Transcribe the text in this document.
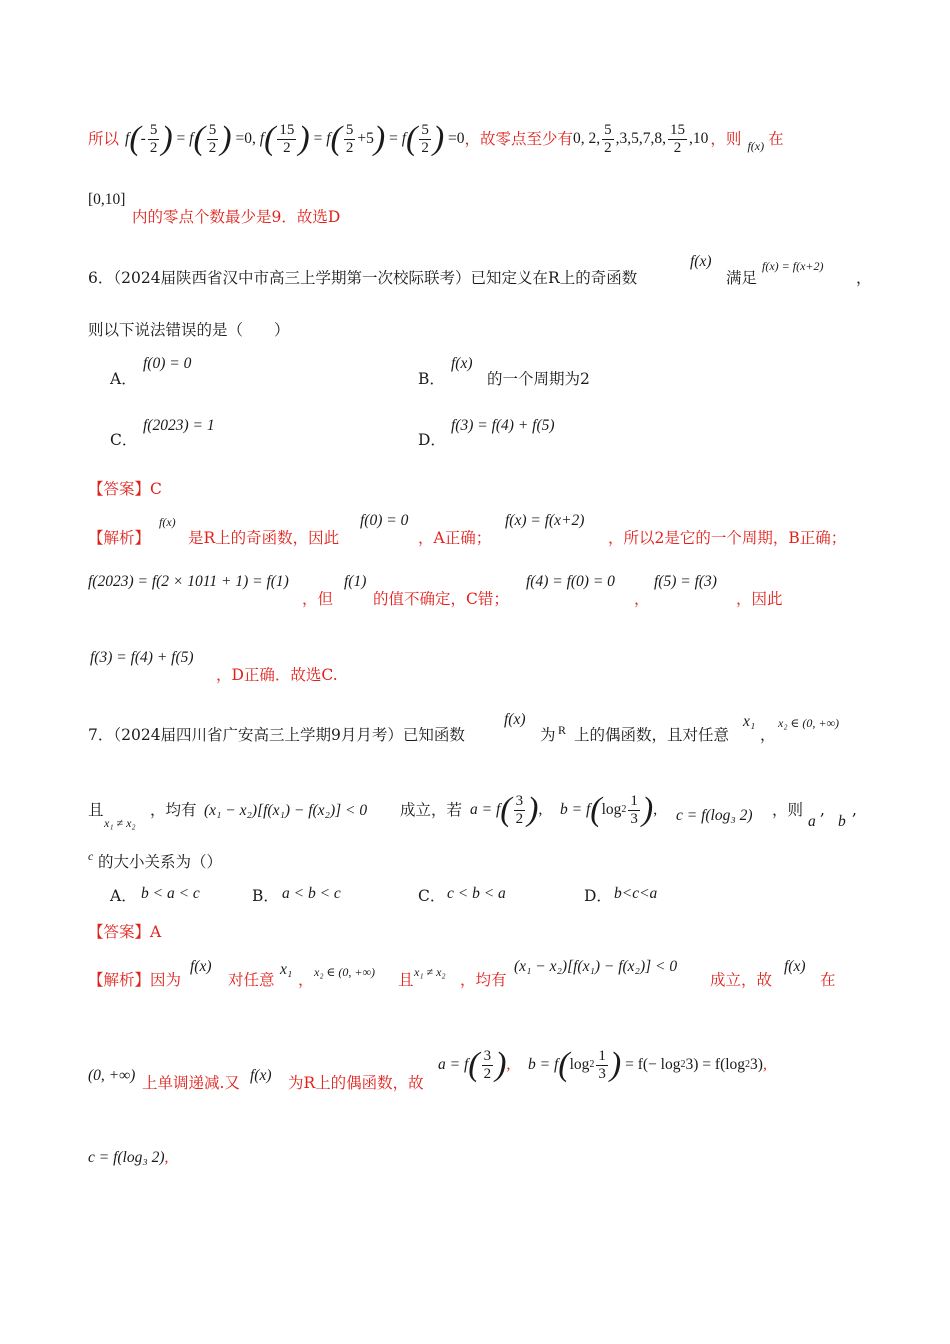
所以 f ( - $\frac{5}{2}$ ) = f ( $\frac{5}{2}$ ) =0, f ( $\frac{15}{2}$ ) = f ( $\frac{5}{2} +5$ ) = f ( $\frac{5}{2}$ ) =0 ，故零点至少有 0, 2, $\frac{5}{2} ,3,5,7,8$, $\frac{15}{2} ,10$ ，则 f(x) 在
[0,10]
内的零点个数最少是9．故选D
6．（2024届陕西省汉中市高三上学期第一次校际联考）已知定义在R上的奇函数
f(x)
满足
f(x) = f(x+2)
，
则以下说法错误的是（　　）
A．
f(0) = 0
B．
f(x)
的一个周期为2
C．
f(2023) = 1
D．
f(3) = f(4) + f(5)
【答案】C
【解析】
f(x)
是R上的奇函数，因此
f(0) = 0
，A正确；
f(x) = f(x+2)
，所以2是它的一个周期，B正确；
f(2023) = f(2 × 1011 + 1) = f(1)
，但
f(1)
的值不确定，C错；
f(4) = f(0) = 0
，
f(5) = f(3)
，因此
f(3) = f(4) + f(5)
，D正确．故选C.
7．（2024届四川省广安高三上学期9月月考）已知函数
f(x)
为 R 上的偶函数，且对任意
x₁
，
x₂ ∈ (0, +∞)
且
x₁ ≠ x₂
，均有 (x₁ − x₂)[f(x₁) − f(x₂)] < 0 成立，若 a = f ( $\frac{3}{2}$ ) , b = f ( $\log 2 \frac{1}{3}$ ) , c = f(log₃ 2) ，则
a
,
b
,
c 的大小关系为（）
A． b < a < c	B． a < b < c	C． c < b < a	D． b<c<a
【答案】A
【解析】因为
f(x)
对任意
x₁
， x₂ ∈ (0, +∞) 且 x₁ ≠ x₂ ，均有
(x₁ − x₂)[f(x₁) − f(x₂)] < 0
成立，故
f(x)
在
(0, +∞) 上单调递减.又 f(x) 为R上的偶函数，故
a = f ( $\frac{3}{2}$ ) , b = f ( $\log 2 \frac{1}{3}$ ) = f(− log 2 3) = f(log 2 3) ,
c = f(log₃ 2),
